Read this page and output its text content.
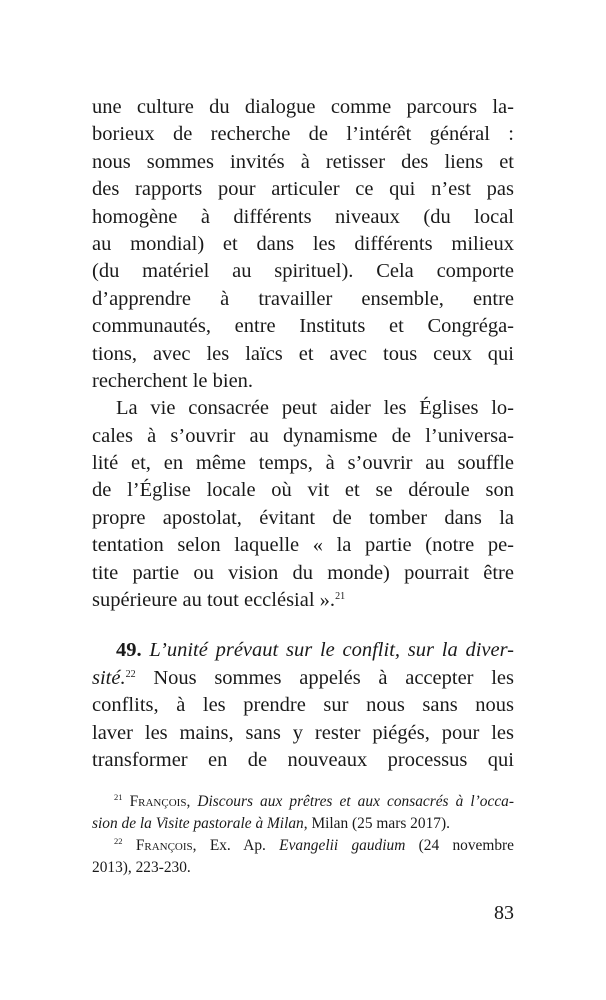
une culture du dialogue comme parcours la-
borieux de recherche de l’intérêt général :
nous sommes invités à retisser des liens et
des rapports pour articuler ce qui n’est pas
homogène à différents niveaux (du local
au mondial) et dans les différents milieux
(du matériel au spirituel). Cela comporte
d’apprendre à travailler ensemble, entre
communautés, entre Instituts et Congréga-
tions, avec les laïcs et avec tous ceux qui
recherchent le bien.
La vie consacrée peut aider les Églises lo-
cales à s’ouvrir au dynamisme de l’universa-
lité et, en même temps, à s’ouvrir au souffle
de l’Église locale où vit et se déroule son
propre apostolat, évitant de tomber dans la
tentation selon laquelle « la partie (notre pe-
tite partie ou vision du monde) pourrait être
supérieure au tout ecclésial ».$^{21}$
49. L’unité prévaut sur le conflit, sur la diver-
sité.$^{22}$ Nous sommes appelés à accepter les
conflits, à les prendre sur nous sans nous
laver les mains, sans y rester piégés, pour les
transformer en de nouveaux processus qui
$^{21}$ François, Discours aux prêtres et aux consacrés à l’occa-
sion de la Visite pastorale à Milan, Milan (25 mars 2017).
$^{22}$ François, Ex. Ap. Evangelii gaudium (24 novembre
2013), 223-230.
83
